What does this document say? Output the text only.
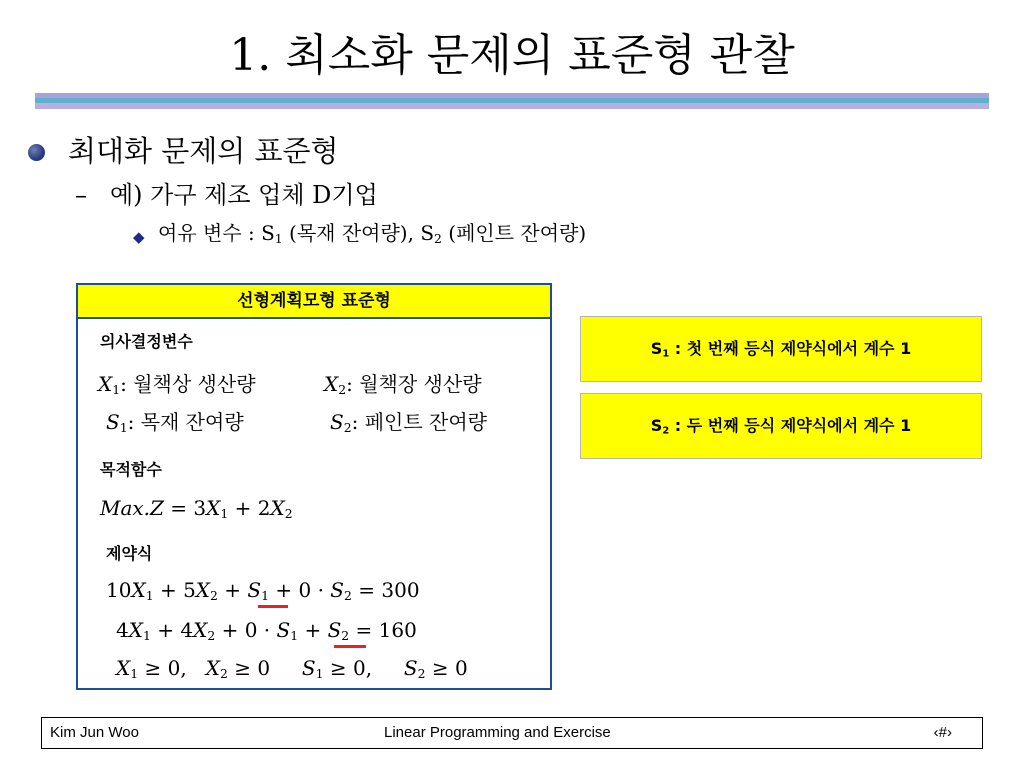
1. 최소화 문제의 표준형 관찰
최대화 문제의 표준형
– 예) 가구 제조 업체 D기업
◆ 여유 변수 : $S_1$ (목재 잔여량), $S_2$ (페인트 잔여량)
선형계획모형 표준형
의사결정변수
$X_1$: 월책상 생산량	$X_2$: 월책장 생산량
$S_1$: 목재 잔여량	$S_2$: 페인트 잔여량
목적함수
$Max.Z = 3X_1 + 2X_2$
제약식
$10X_1 + 5X_2 + S_1 + 0 \cdot S_2 = 300$
$4X_1 + 4X_2 + 0 \cdot S_1 + S_2 = 160$
$X_1 \ge 0$, $X_2 \ge 0$ $S_1 \ge 0$, $S_2 \ge 0$
$S_1$ : 첫 번째 등식 제약식에서 계수 1
$S_2$ : 두 번째 등식 제약식에서 계수 1
Kim Jun Woo	Linear Programming and Exercise	‹#›
